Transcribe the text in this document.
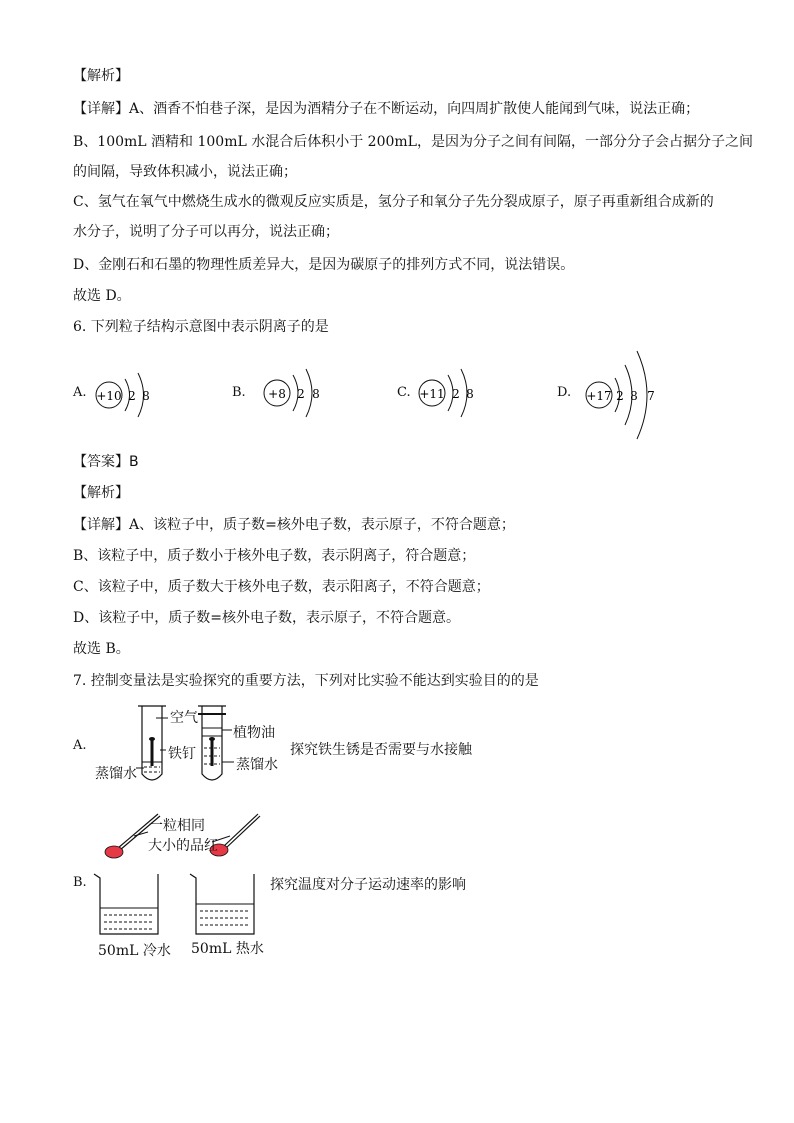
【解析】
【详解】A、酒香不怕巷子深，是因为酒精分子在不断运动，向四周扩散使人能闻到气味，说法正确；
B、100mL 酒精和 100mL 水混合后体积小于 200mL，是因为分子之间有间隔，一部分分子会占据分子之间
的间隔，导致体积减小，说法正确；
C、氢气在氧气中燃烧生成水的微观反应实质是，氢分子和氧分子先分裂成原子，原子再重新组合成新的
水分子，说明了分子可以再分，说法正确；
D、金刚石和石墨的物理性质差异大，是因为碳原子的排列方式不同，说法错误。
故选 D。
6. 下列粒子结构示意图中表示阴离子的是
A. +10 2 8	B. +8 2 8	C. +11 2 8	D. +17 2 8 7
【答案】B
【解析】
【详解】A、该粒子中，质子数=核外电子数，表示原子，不符合题意；
B、该粒子中，质子数小于核外电子数，表示阴离子，符合题意；
C、该粒子中，质子数大于核外电子数，表示阳离子，不符合题意；
D、该粒子中，质子数=核外电子数，表示原子，不符合题意。
故选 B。
7. 控制变量法是实验探究的重要方法，下列对比实验不能达到实验目的的是
A.
空气
植物油
铁钉
蒸馏水
蒸馏水
探究铁生锈是否需要与水接触
一粒相同
大小的品红
B.	探究温度对分子运动速率的影响
50mL 冷水 50mL 热水
